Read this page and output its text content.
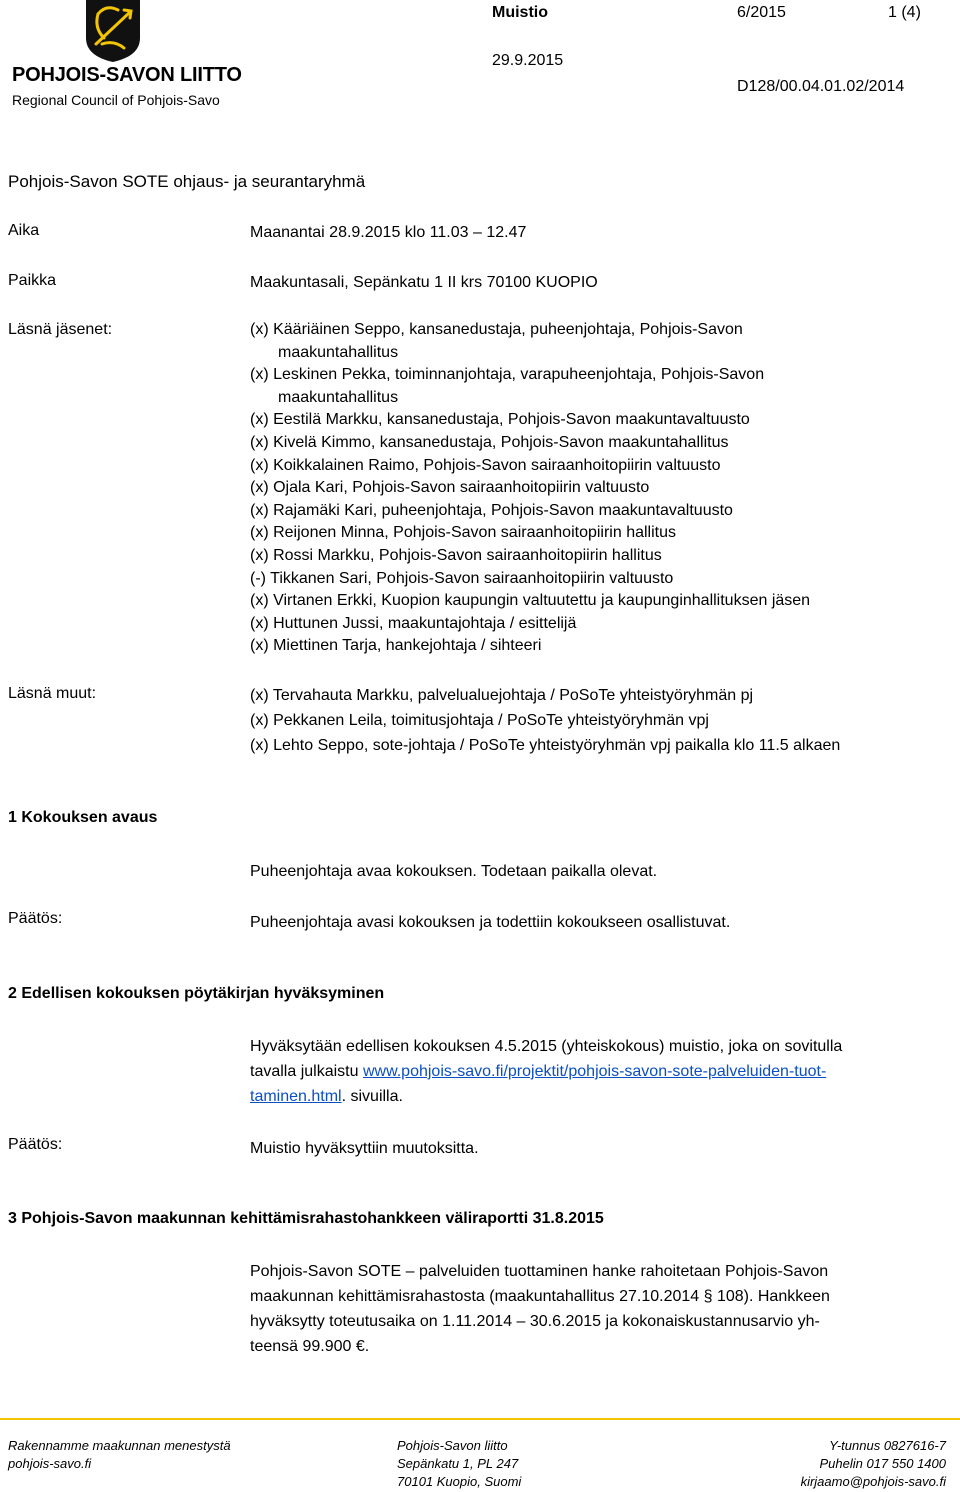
POHJOIS-SAVON LIITTO
Regional Council of Pohjois-Savo
Muistio	6/2015	1 (4)
29.9.2015
D128/00.04.01.02/2014
Pohjois-Savon SOTE ohjaus- ja seurantaryhmä
Aika	Maanantai 28.9.2015 klo 11.03 – 12.47
Paikka	Maakuntasali, Sepänkatu 1 II krs 70100 KUOPIO
Läsnä jäsenet:	(x) Kääriäinen Seppo, kansanedustaja, puheenjohtaja, Pohjois-Savon
maakuntahallitus
(x) Leskinen Pekka, toiminnanjohtaja, varapuheenjohtaja, Pohjois-Savon
maakuntahallitus
(x) Eestilä Markku, kansanedustaja, Pohjois-Savon maakuntavaltuusto
(x) Kivelä Kimmo, kansanedustaja, Pohjois-Savon maakuntahallitus
(x) Koikkalainen Raimo, Pohjois-Savon sairaanhoitopiirin valtuusto
(x) Ojala Kari, Pohjois-Savon sairaanhoitopiirin valtuusto
(x) Rajamäki Kari, puheenjohtaja, Pohjois-Savon maakuntavaltuusto
(x) Reijonen Minna, Pohjois-Savon sairaanhoitopiirin hallitus
(x) Rossi Markku, Pohjois-Savon sairaanhoitopiirin hallitus
(-) Tikkanen Sari, Pohjois-Savon sairaanhoitopiirin valtuusto
(x) Virtanen Erkki, Kuopion kaupungin valtuutettu ja kaupunginhallituksen jäsen
(x) Huttunen Jussi, maakuntajohtaja / esittelijä
(x) Miettinen Tarja, hankejohtaja / sihteeri
Läsnä muut:	(x) Tervahauta Markku, palvelualuejohtaja / PoSoTe yhteistyöryhmän pj
(x) Pekkanen Leila, toimitusjohtaja / PoSoTe yhteistyöryhmän vpj
(x) Lehto Seppo, sote-johtaja / PoSoTe yhteistyöryhmän vpj paikalla klo 11.5 alkaen
1 Kokouksen avaus
Puheenjohtaja avaa kokouksen. Todetaan paikalla olevat.
Päätös:	Puheenjohtaja avasi kokouksen ja todettiin kokoukseen osallistuvat.
2 Edellisen kokouksen pöytäkirjan hyväksyminen
Hyväksytään edellisen kokouksen 4.5.2015 (yhteiskokous) muistio, joka on sovitulla
tavalla julkaistu www.pohjois-savo.fi/projektit/pohjois-savon-sote-palveluiden-tuot-
taminen.html. sivuilla.
Päätös:	Muistio hyväksyttiin muutoksitta.
3 Pohjois-Savon maakunnan kehittämisrahastohankkeen väliraportti 31.8.2015
Pohjois-Savon SOTE – palveluiden tuottaminen hanke rahoitetaan Pohjois-Savon
maakunnan kehittämisrahastosta (maakuntahallitus 27.10.2014 § 108). Hankkeen
hyväksytty toteutusaika on 1.11.2014 – 30.6.2015 ja kokonaiskustannusarvio yh-
teensä 99.900 €.
Rakennamme maakunnan menestystä
pohjois-savo.fi
Pohjois-Savon liitto
Sepänkatu 1, PL 247
70101 Kuopio, Suomi
Y-tunnus 0827616-7
Puhelin 017 550 1400
kirjaamo@pohjois-savo.fi
